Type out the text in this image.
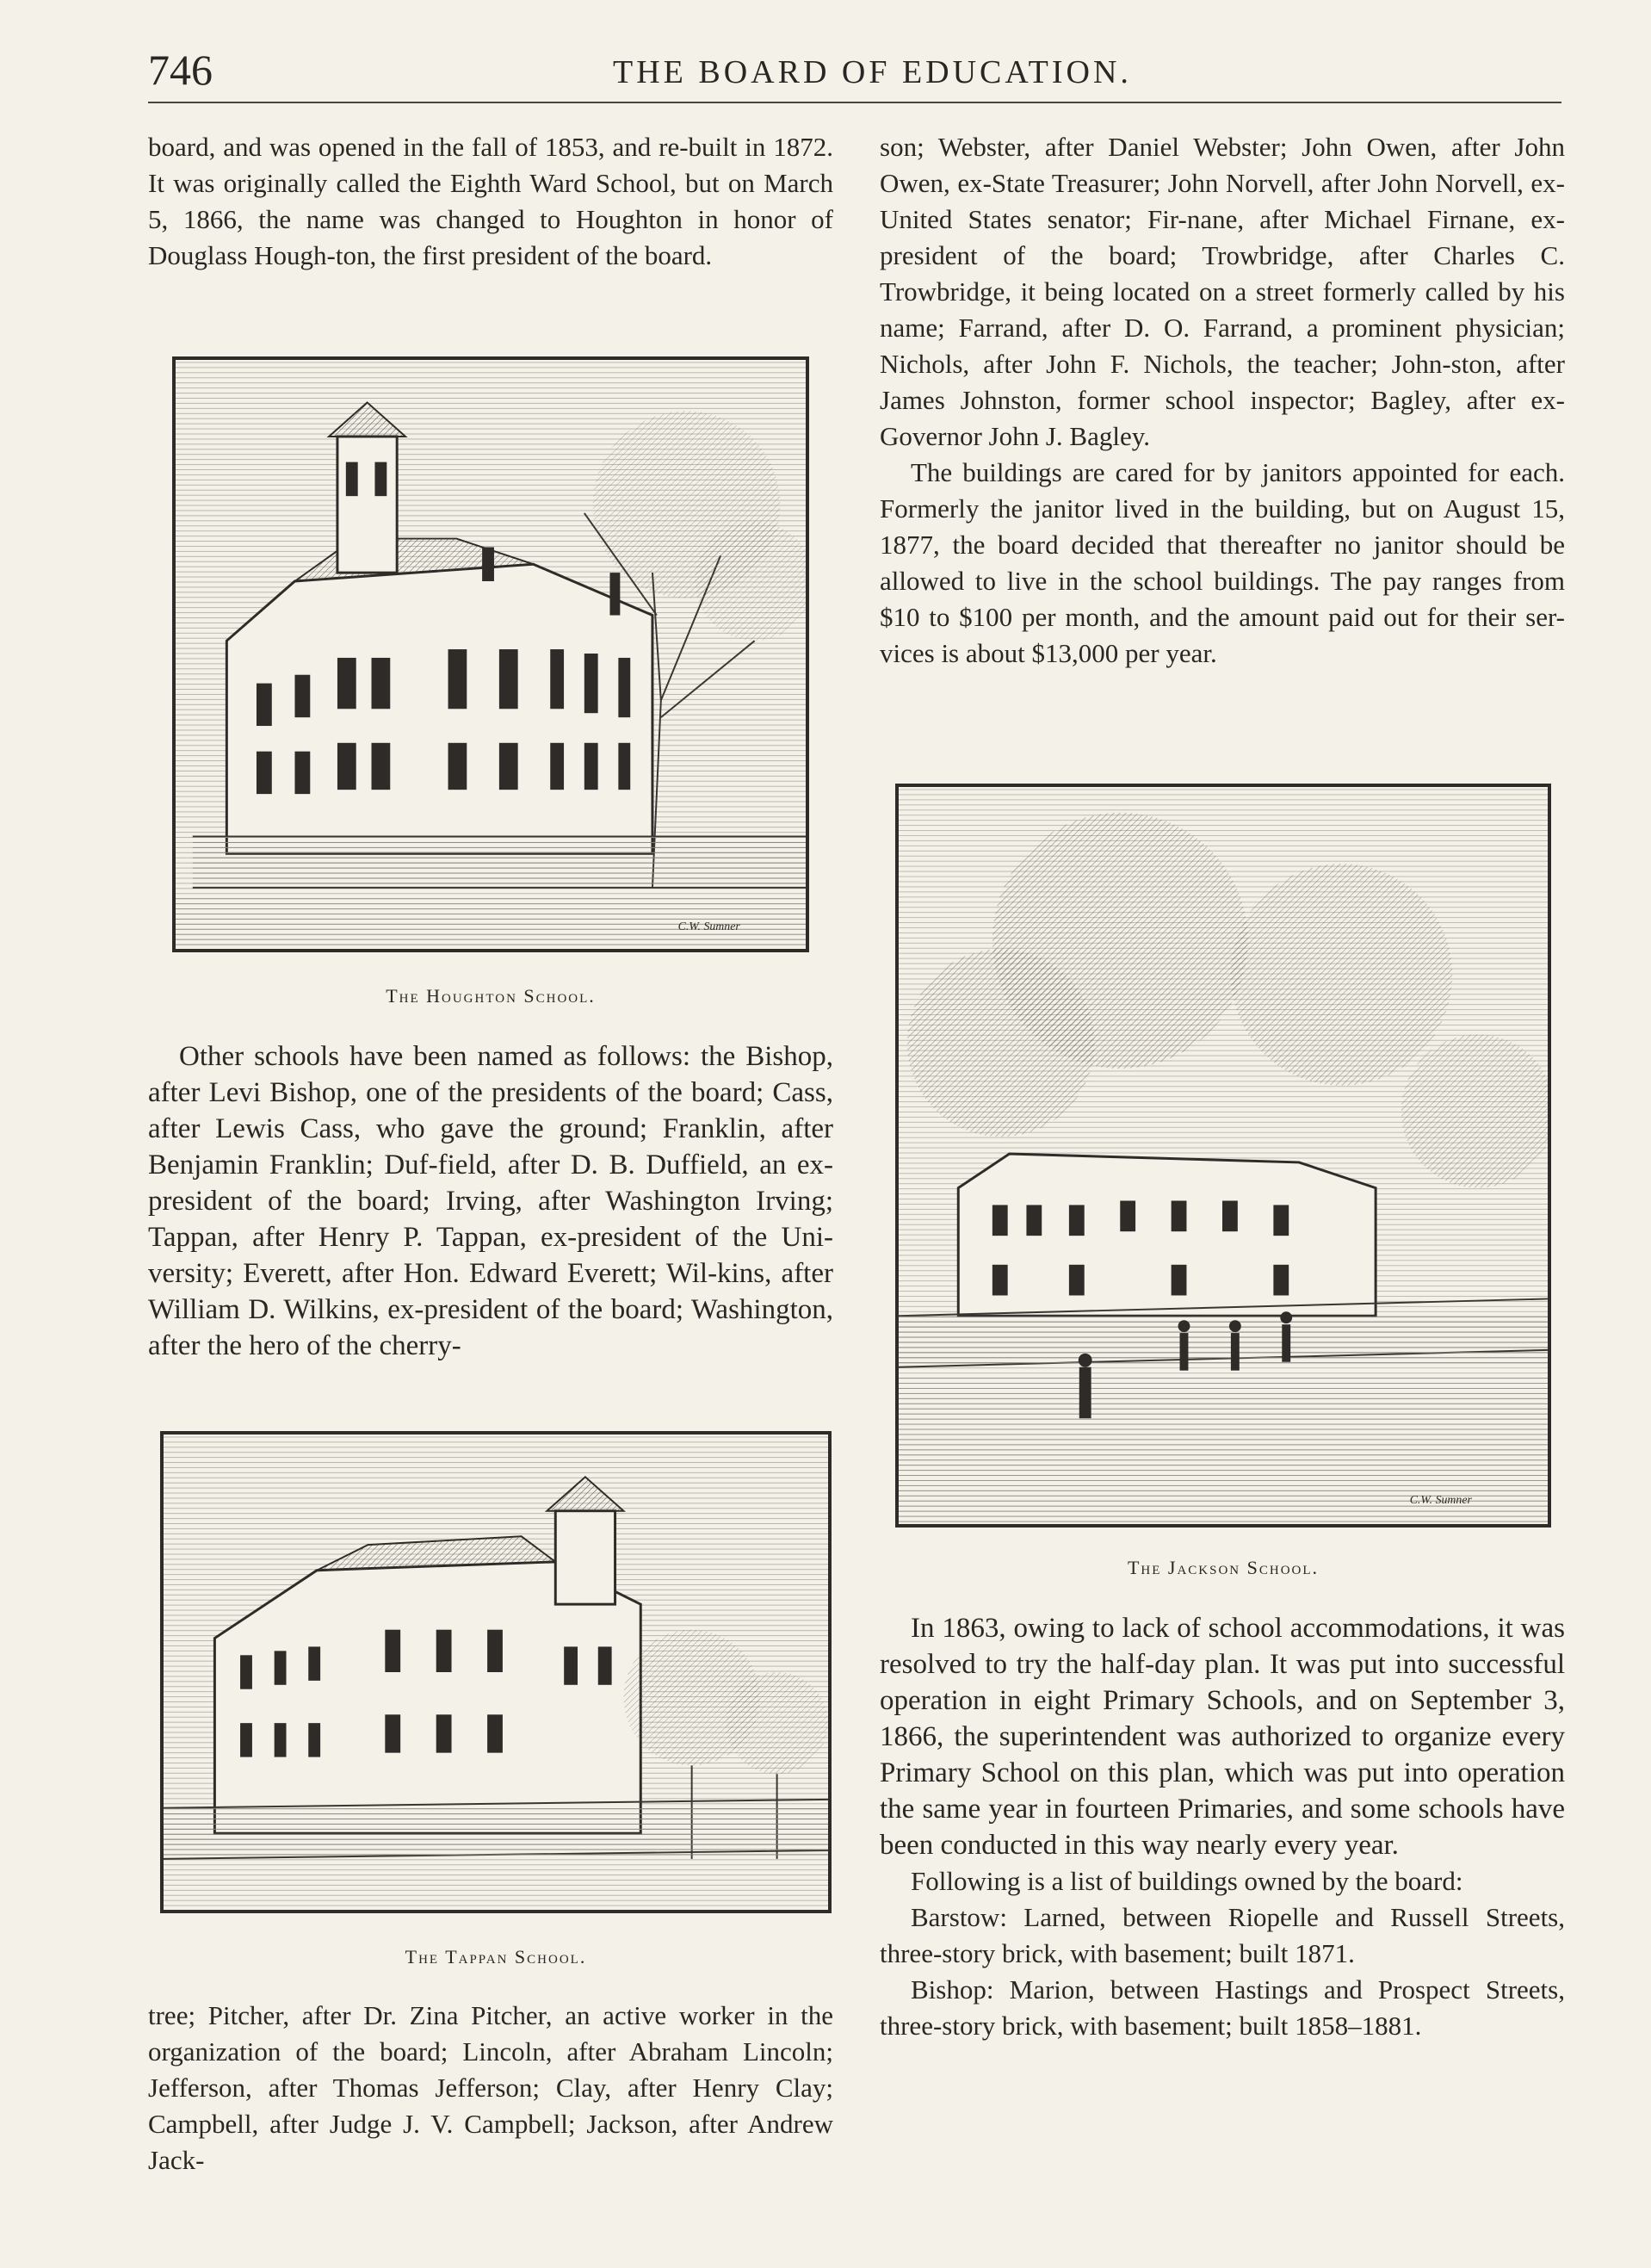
746	THE BOARD OF EDUCATION.

board, and was opened in the fall of 1853, and re-built in 1872. It was originally called the Eighth Ward School, but on March 5, 1866, the name was changed to Houghton in honor of Douglass Hough-ton, the first president of the board.

C.W. Sumner
The Houghton School.

Other schools have been named as follows: the Bishop, after Levi Bishop, one of the presidents of the board; Cass, after Lewis Cass, who gave the ground; Franklin, after Benjamin Franklin; Duf-field, after D. B. Duffield, an ex-president of the board; Irving, after Washington Irving; Tappan, after Henry P. Tappan, ex-president of the Uni-versity; Everett, after Hon. Edward Everett; Wil-kins, after William D. Wilkins, ex-president of the board; Washington, after the hero of the cherry-

The Tappan School.

tree; Pitcher, after Dr. Zina Pitcher, an active worker in the organization of the board; Lincoln, after Abraham Lincoln; Jefferson, after Thomas Jefferson; Clay, after Henry Clay; Campbell, after Judge J. V. Campbell; Jackson, after Andrew Jack-

son; Webster, after Daniel Webster; John Owen, after John Owen, ex-State Treasurer; John Norvell, after John Norvell, ex-United States senator; Fir-nane, after Michael Firnane, ex-president of the board; Trowbridge, after Charles C. Trowbridge, it being located on a street formerly called by his name; Farrand, after D. O. Farrand, a prominent physician; Nichols, after John F. Nichols, the teacher; John-ston, after James Johnston, former school inspector; Bagley, after ex-Governor John J. Bagley.

The buildings are cared for by janitors appointed for each. Formerly the janitor lived in the building, but on August 15, 1877, the board decided that thereafter no janitor should be allowed to live in the school buildings. The pay ranges from $10 to $100 per month, and the amount paid out for their ser-vices is about $13,000 per year.

C.W. Sumner
The Jackson School.

In 1863, owing to lack of school accommodations, it was resolved to try the half-day plan. It was put into successful operation in eight Primary Schools, and on September 3, 1866, the superintendent was authorized to organize every Primary School on this plan, which was put into operation the same year in fourteen Primaries, and some schools have been conducted in this way nearly every year.

Following is a list of buildings owned by the board:

Barstow: Larned, between Riopelle and Russell Streets, three-story brick, with basement; built 1871.

Bishop: Marion, between Hastings and Prospect Streets, three-story brick, with basement; built 1858–1881.
